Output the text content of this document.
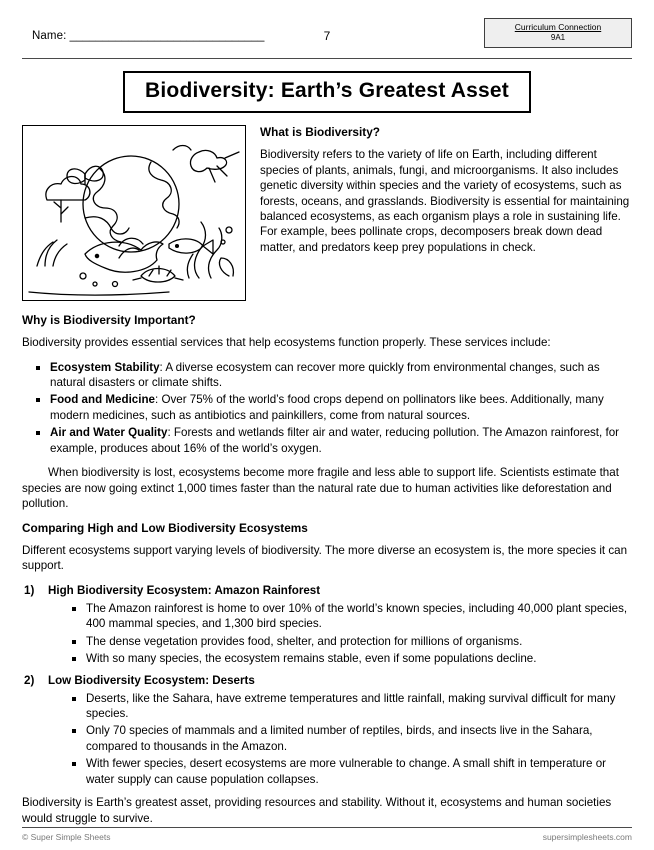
Name: ______________________________	7
Curriculum Connection
9A1
Biodiversity: Earth’s Greatest Asset
What is Biodiversity?

Biodiversity refers to the variety of life on Earth, including different species of plants, animals, fungi, and microorganisms. It also includes genetic diversity within species and the variety of ecosystems, such as forests, oceans, and grasslands. Biodiversity is essential for maintaining balanced ecosystems, as each organism plays a role in sustaining life. For example, bees pollinate crops, decomposers break down dead matter, and predators keep prey populations in check.

Why is Biodiversity Important?

Biodiversity provides essential services that help ecosystems function properly. These services include:

Ecosystem Stability: A diverse ecosystem can recover more quickly from environmental changes, such as natural disasters or climate shifts.
Food and Medicine: Over 75% of the world’s food crops depend on pollinators like bees. Additionally, many modern medicines, such as antibiotics and painkillers, come from natural sources.
Air and Water Quality: Forests and wetlands filter air and water, reducing pollution. The Amazon rainforest, for example, produces about 16% of the world’s oxygen.

When biodiversity is lost, ecosystems become more fragile and less able to support life. Scientists estimate that species are now going extinct 1,000 times faster than the natural rate due to human activities like deforestation and pollution.

Comparing High and Low Biodiversity Ecosystems

Different ecosystems support varying levels of biodiversity. The more diverse an ecosystem is, the more species it can support.

High Biodiversity Ecosystem: Amazon Rainforest
The Amazon rainforest is home to over 10% of the world’s known species, including 40,000 plant species, 400 mammal species, and 1,300 bird species.
The dense vegetation provides food, shelter, and protection for millions of organisms.
With so many species, the ecosystem remains stable, even if some populations decline.
Low Biodiversity Ecosystem: Deserts
Deserts, like the Sahara, have extreme temperatures and little rainfall, making survival difficult for many species.
Only 70 species of mammals and a limited number of reptiles, birds, and insects live in the Sahara, compared to thousands in the Amazon.
With fewer species, desert ecosystems are more vulnerable to change. A small shift in temperature or water supply can cause population collapses.

Biodiversity is Earth’s greatest asset, providing resources and stability. Without it, ecosystems and human societies would struggle to survive.

© Super Simple Sheets	supersimplesheets.com
